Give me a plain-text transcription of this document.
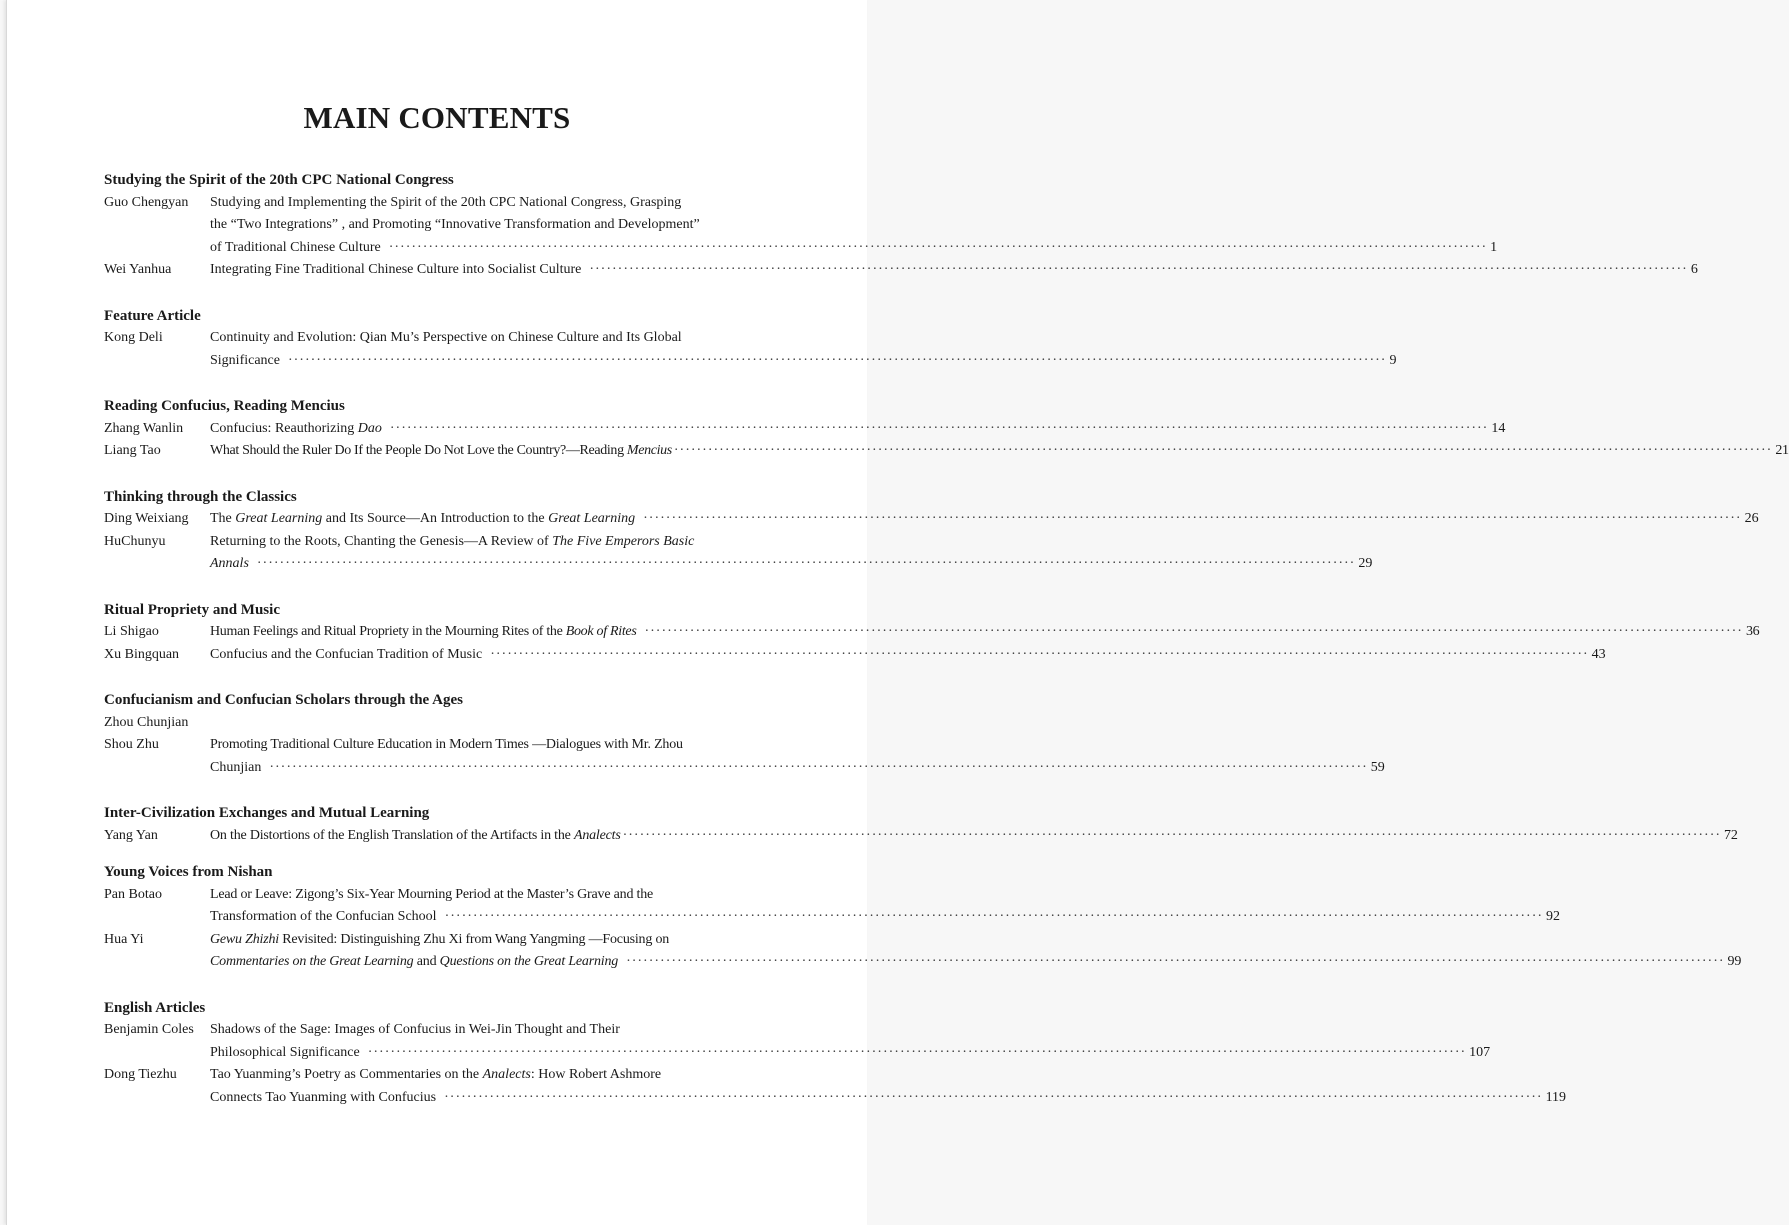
MAIN CONTENTS
Studying the Spirit of the 20th CPC National Congress
Guo Chengyan	Studying and Implementing the Spirit of the 20th CPC National Congress, Grasping
the “Two Integrations” , and Promoting “Innovative Transformation and Development”
of Traditional Chinese Culture ·····	1
Wei Yanhua	Integrating Fine Traditional Chinese Culture into Socialist Culture ·····	6
Feature Article
Kong Deli	Continuity and Evolution: Qian Mu’s Perspective on Chinese Culture and Its Global
Significance ·····	9
Reading Confucius, Reading Mencius
Zhang Wanlin	Confucius: Reauthorizing Dao ·····	14
Liang Tao	What Should the Ruler Do If the People Do Not Love the Country?—Reading Mencius ·····	21
Thinking through the Classics
Ding Weixiang	The Great Learning and Its Source—An Introduction to the Great Learning ·····	26
HuChunyu	Returning to the Roots, Chanting the Genesis—A Review of The Five Emperors Basic
Annals ·····	29
Ritual Propriety and Music
Li Shigao	Human Feelings and Ritual Propriety in the Mourning Rites of the Book of Rites ·····	36
Xu Bingquan	Confucius and the Confucian Tradition of Music ·····	43
Confucianism and Confucian Scholars through the Ages
Zhou Chunjian
Shou Zhu	Promoting Traditional Culture Education in Modern Times —Dialogues with Mr. Zhou
Chunjian ·····	59
Inter-Civilization Exchanges and Mutual Learning
Yang Yan	On the Distortions of the English Translation of the Artifacts in the Analects ·····	72
Young Voices from Nishan
Pan Botao	Lead or Leave: Zigong’s Six-Year Mourning Period at the Master’s Grave and the
Transformation of the Confucian School ·····	92
Hua Yi	Gewu Zhizhi Revisited: Distinguishing Zhu Xi from Wang Yangming —Focusing on
Commentaries on the Great Learning and Questions on the Great Learning ·····	99
English Articles
Benjamin Coles	Shadows of the Sage: Images of Confucius in Wei-Jin Thought and Their
Philosophical Significance ·····	107
Dong Tiezhu	Tao Yuanming’s Poetry as Commentaries on the Analects: How Robert Ashmore
Connects Tao Yuanming with Confucius ·····	119
